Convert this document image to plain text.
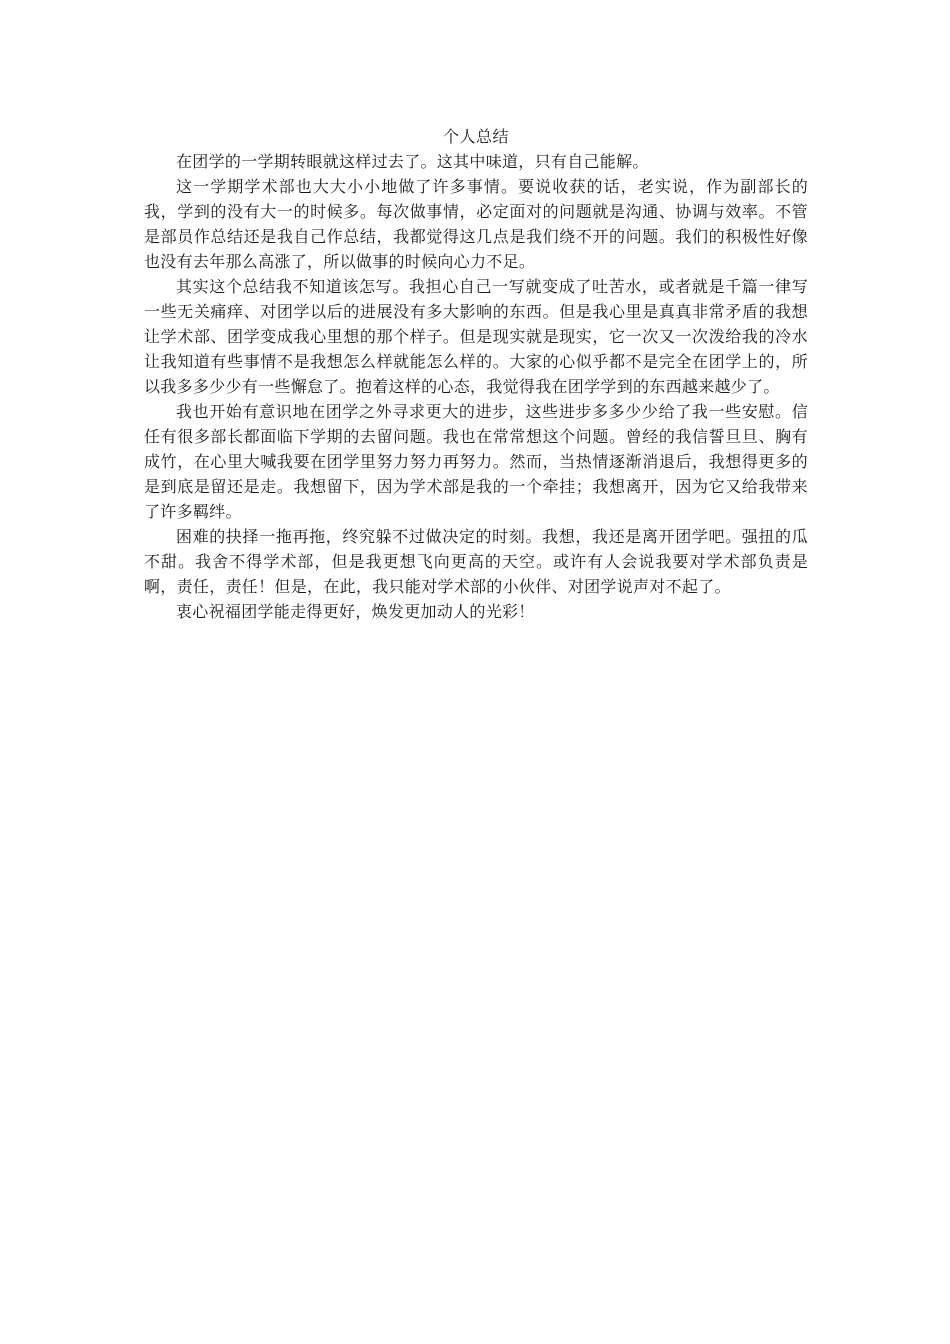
个人总结

在团学的一学期转眼就这样过去了。这其中味道，只有自己能解。

这一学期学术部也大大小小地做了许多事情。要说收获的话，老实说，作为副部长的我，学到的没有大一的时候多。每次做事情，必定面对的问题就是沟通、协调与效率。不管是部员作总结还是我自己作总结，我都觉得这几点是我们绕不开的问题。我们的积极性好像也没有去年那么高涨了，所以做事的时候向心力不足。

其实这个总结我不知道该怎写。我担心自己一写就变成了吐苦水，或者就是千篇一律写一些无关痛痒、对团学以后的进展没有多大影响的东西。但是我心里是真真非常矛盾的我想让学术部、团学变成我心里想的那个样子。但是现实就是现实，它一次又一次泼给我的冷水让我知道有些事情不是我想怎么样就能怎么样的。大家的心似乎都不是完全在团学上的，所以我多多少少有一些懈怠了。抱着这样的心态，我觉得我在团学学到的东西越来越少了。

我也开始有意识地在团学之外寻求更大的进步，这些进步多多少少给了我一些安慰。信任有很多部长都面临下学期的去留问题。我也在常常想这个问题。曾经的我信誓旦旦、胸有成竹，在心里大喊我要在团学里努力努力再努力。然而，当热情逐渐消退后，我想得更多的是到底是留还是走。我想留下，因为学术部是我的一个牵挂；我想离开，因为它又给我带来了许多羁绊。

困难的抉择一拖再拖，终究躲不过做决定的时刻。我想，我还是离开团学吧。强扭的瓜不甜。我舍不得学术部，但是我更想飞向更高的天空。或许有人会说我要对学术部负责是啊，责任，责任！但是，在此，我只能对学术部的小伙伴、对团学说声对不起了。

衷心祝福团学能走得更好，焕发更加动人的光彩！
